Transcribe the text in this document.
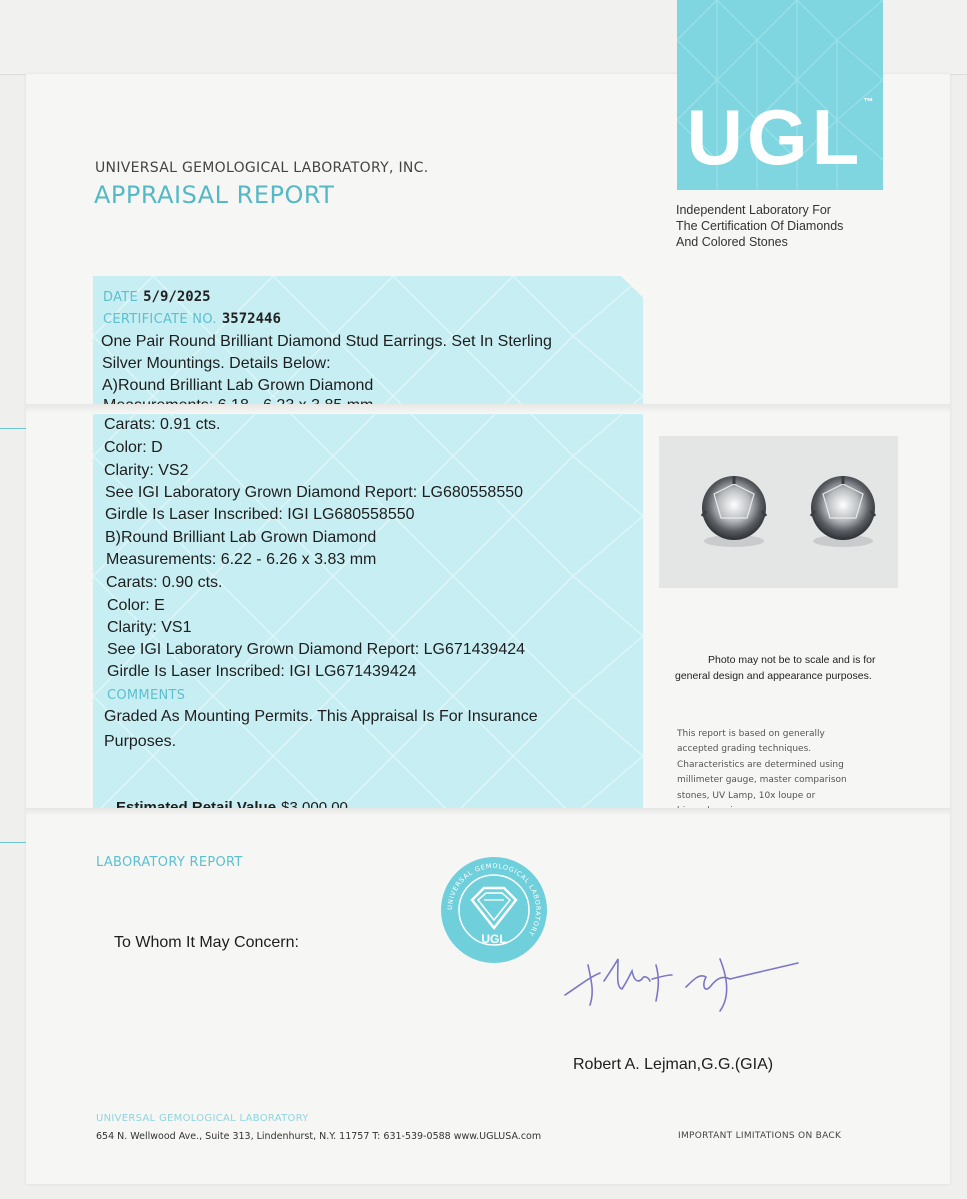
UGL™
Independent Laboratory For
The Certification Of Diamonds
And Colored Stones
UNIVERSAL GEMOLOGICAL LABORATORY, INC.
APPRAISAL REPORT
DATE 5/9/2025
CERTIFICATE NO. 3572446
One Pair Round Brilliant Diamond Stud Earrings. Set In Sterling
Silver Mountings. Details Below:
A)Round Brilliant Lab Grown Diamond
Carats: 0.91 cts.
Color: D
Clarity: VS2
See IGI Laboratory Grown Diamond Report: LG680558550
Girdle Is Laser Inscribed: IGI LG680558550
B)Round Brilliant Lab Grown Diamond
Measurements: 6.22 - 6.26 x 3.83 mm
Carats: 0.90 cts.
Color: E
Clarity: VS1
See IGI Laboratory Grown Diamond Report: LG671439424
Girdle Is Laser Inscribed: IGI LG671439424
COMMENTS
Graded As Mounting Permits. This Appraisal Is For Insurance
Purposes.
Photo may not be to scale and is for
general design and appearance purposes.
This report is based on generally
accepted grading techniques.
Characteristics are determined using
millimeter gauge, master comparison
stones, UV Lamp, 10x loupe or
LABORATORY REPORT
To Whom It May Concern:
UNIVERSAL GEMOLOGICAL LABORATORY
UGL
Robert A. Lejman,G.G.(GIA)
UNIVERSAL GEMOLOGICAL LABORATORY
654 N. Wellwood Ave., Suite 313, Lindenhurst, N.Y. 11757 T: 631-539-0588 www.UGLUSA.com	IMPORTANT LIMITATIONS ON BACK
